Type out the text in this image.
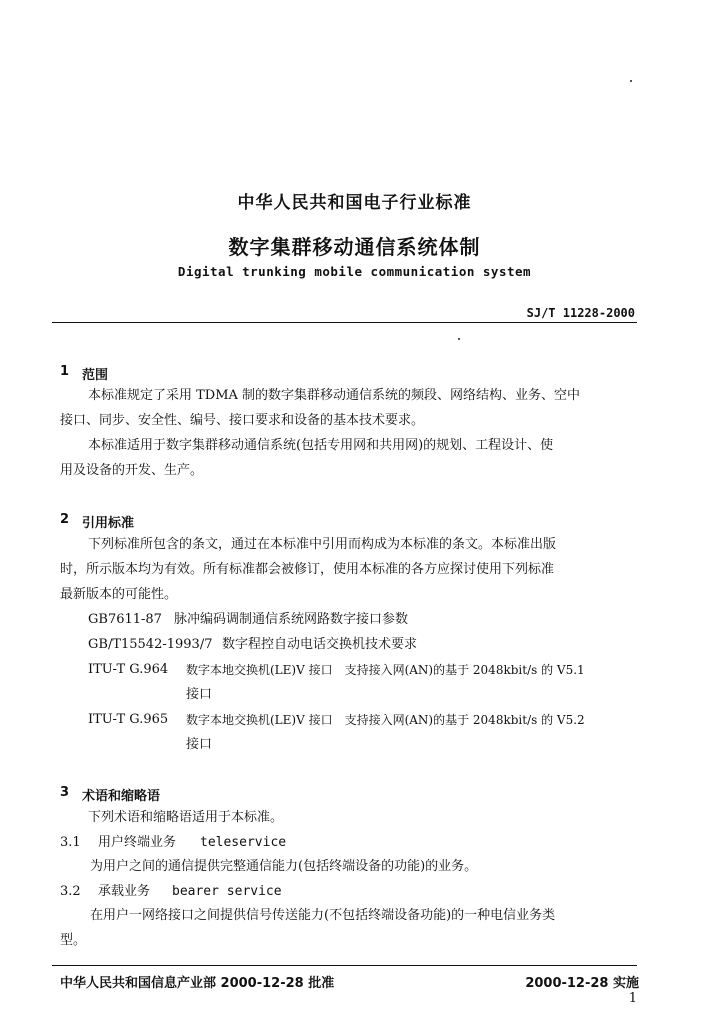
中华人民共和国电子行业标准
数字集群移动通信系统体制
Digital trunking mobile communication system
SJ/T 11228-2000
1 范围
本标准规定了采用 TDMA 制的数字集群移动通信系统的频段、网络结构、业务、空中
接口、同步、安全性、编号、接口要求和设备的基本技术要求。
本标准适用于数字集群移动通信系统(包括专用网和共用网)的规划、工程设计、使
用及设备的开发、生产。
2 引用标准
下列标准所包含的条文，通过在本标准中引用而构成为本标准的条文。本标准出版
时，所示版本均为有效。所有标准都会被修订，使用本标准的各方应探讨使用下列标准
最新版本的可能性。
GB7611-87 脉冲编码调制通信系统网路数字接口参数
GB/T15542-1993/7 数字程控自动电话交换机技术要求
ITU-T G.964 数字本地交换机(LE)V 接口　支持接入网(AN)的基于 2048kbit/s 的 V5.1
接口
ITU-T G.965 数字本地交换机(LE)V 接口　支持接入网(AN)的基于 2048kbit/s 的 V5.2
接口
3 术语和缩略语
下列术语和缩略语适用于本标准。
3.1 用户终端业务 teleservice
为用户之间的通信提供完整通信能力(包括终端设备的功能)的业务。
3.2 承载业务 bearer service
在用户一网络接口之间提供信号传送能力(不包括终端设备功能)的一种电信业务类
型。
中华人民共和国信息产业部 2000-12-28 批准	2000-12-28 实施
1
